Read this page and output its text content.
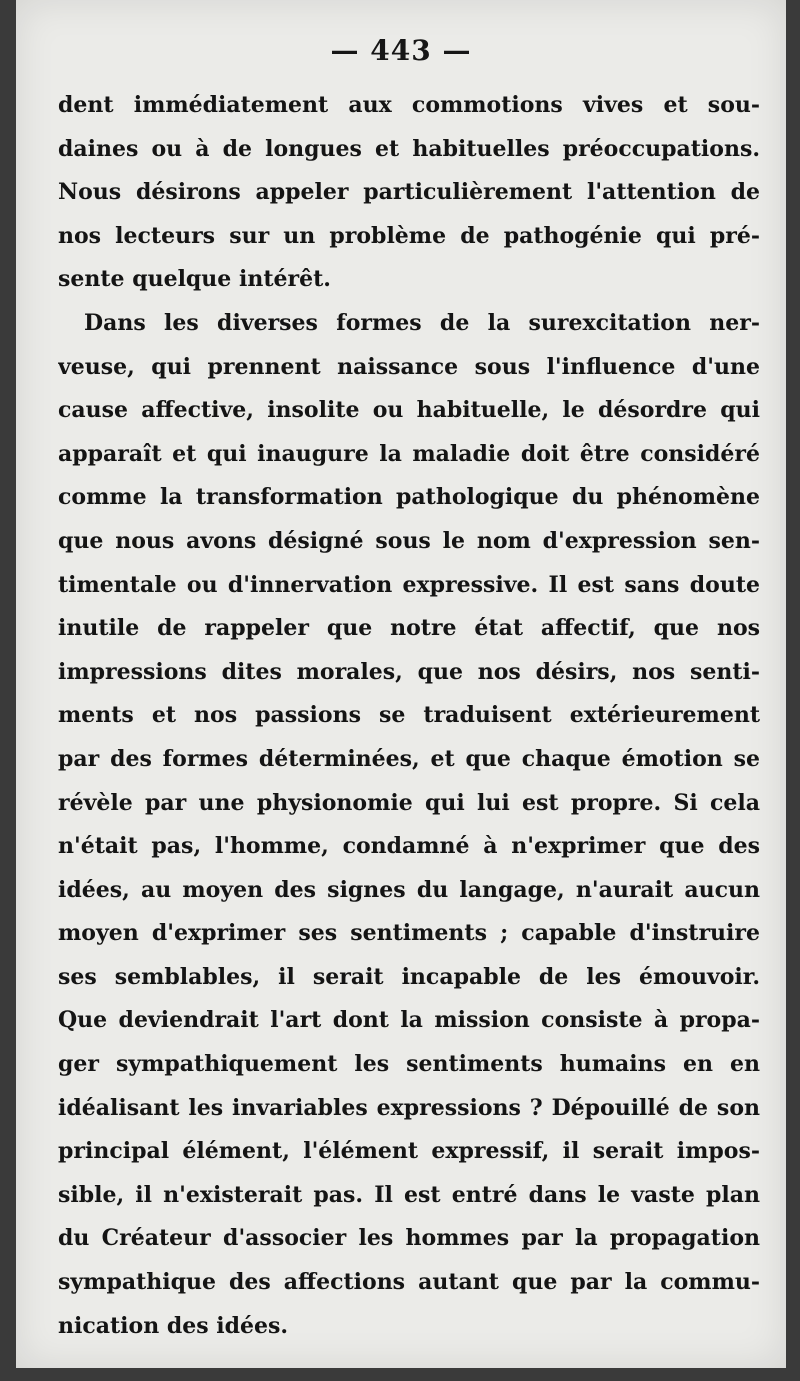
— 443 —
dent immédiatement aux commotions vives et sou-
daines ou à de longues et habituelles préoccupations.
Nous désirons appeler particulièrement l'attention de
nos lecteurs sur un problème de pathogénie qui pré-
sente quelque intérêt.
Dans les diverses formes de la surexcitation ner-
veuse, qui prennent naissance sous l'influence d'une
cause affective, insolite ou habituelle, le désordre qui
apparaît et qui inaugure la maladie doit être considéré
comme la transformation pathologique du phénomène
que nous avons désigné sous le nom d'expression sen-
timentale ou d'innervation expressive. Il est sans doute
inutile de rappeler que notre état affectif, que nos
impressions dites morales, que nos désirs, nos senti-
ments et nos passions se traduisent extérieurement
par des formes déterminées, et que chaque émotion se
révèle par une physionomie qui lui est propre. Si cela
n'était pas, l'homme, condamné à n'exprimer que des
idées, au moyen des signes du langage, n'aurait aucun
moyen d'exprimer ses sentiments ; capable d'instruire
ses semblables, il serait incapable de les émouvoir.
Que deviendrait l'art dont la mission consiste à propa-
ger sympathiquement les sentiments humains en en
idéalisant les invariables expressions ? Dépouillé de son
principal élément, l'élément expressif, il serait impos-
sible, il n'existerait pas. Il est entré dans le vaste plan
du Créateur d'associer les hommes par la propagation
sympathique des affections autant que par la commu-
nication des idées.
